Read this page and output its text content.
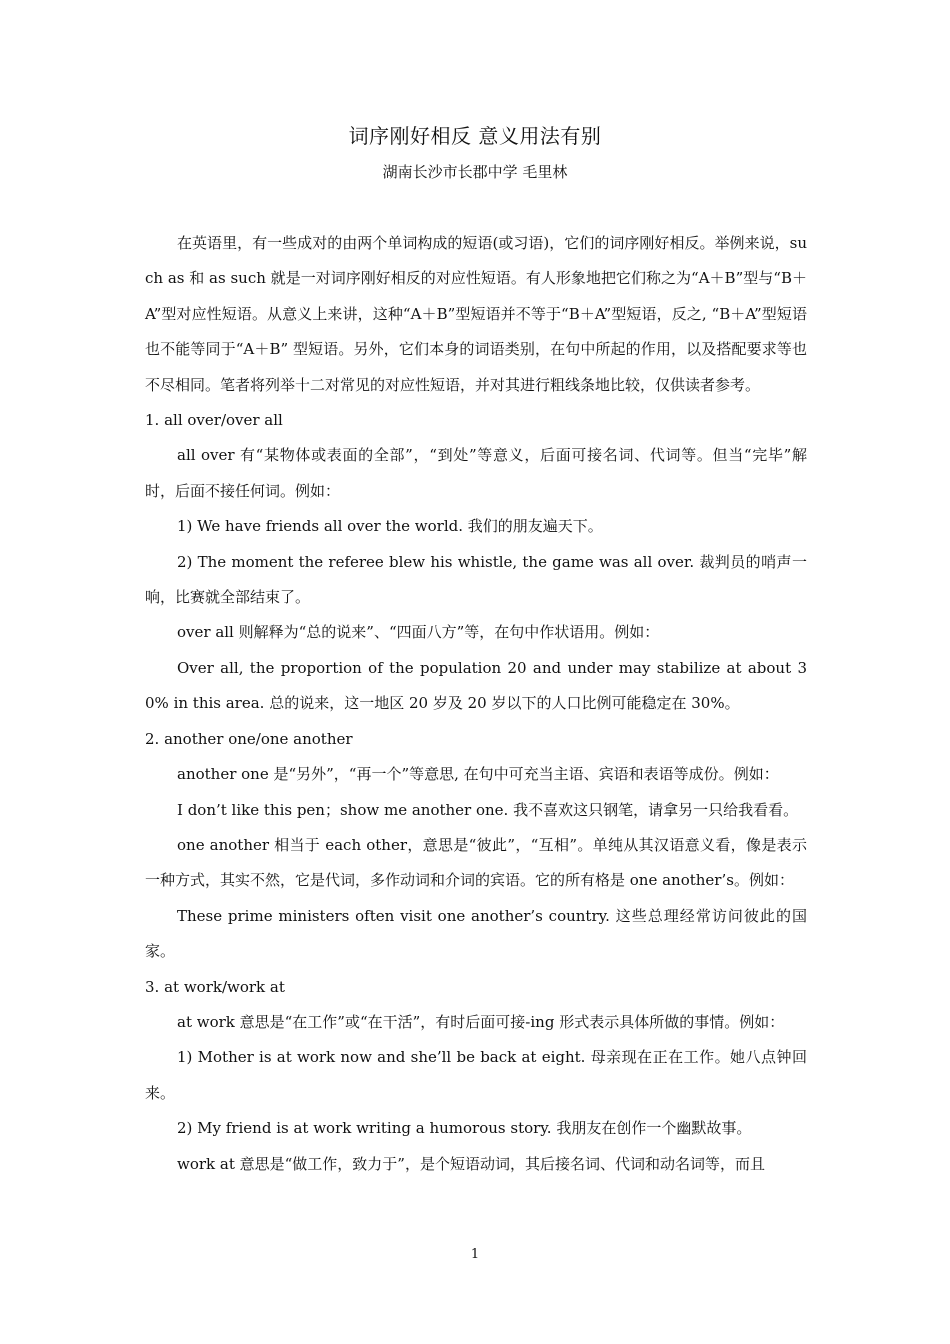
词序刚好相反 意义用法有别
湖南长沙市长郡中学 毛里林

在英语里，有一些成对的由两个单词构成的短语(或习语)，它们的词序刚好相反。举例来说，such as 和 as such 就是一对词序刚好相反的对应性短语。有人形象地把它们称之为“A＋B”型与“B＋A”型对应性短语。从意义上来讲，这种“A＋B”型短语并不等于“B＋A”型短语，反之, “B＋A”型短语也不能等同于“A＋B” 型短语。另外，它们本身的词语类别，在句中所起的作用，以及搭配要求等也不尽相同。笔者将列举十二对常见的对应性短语，并对其进行粗线条地比较，仅供读者参考。

1. all over/over all

all over 有“某物体或表面的全部”，“到处”等意义，后面可接名词、代词等。但当“完毕”解时，后面不接任何词。例如：

1) We have friends all over the world. 我们的朋友遍天下。

2) The moment the referee blew his whistle, the game was all over. 裁判员的哨声一响，比赛就全部结束了。

over all 则解释为“总的说来”、“四面八方”等，在句中作状语用。例如：

Over all, the proportion of the population 20 and under may stabilize at about 30% in this area. 总的说来，这一地区 20 岁及 20 岁以下的人口比例可能稳定在 30%。

2. another one/one another

another one 是“另外”，“再一个”等意思, 在句中可充当主语、宾语和表语等成份。例如：

I don’t like this pen；show me another one. 我不喜欢这只钢笔，请拿另一只给我看看。

one another 相当于 each other，意思是“彼此”，“互相”。单纯从其汉语意义看，像是表示一种方式，其实不然，它是代词，多作动词和介词的宾语。它的所有格是 one another’s。例如：

These prime ministers often visit one another’s country. 这些总理经常访问彼此的国家。

3. at work/work at

at work 意思是“在工作”或“在干活”，有时后面可接-ing 形式表示具体所做的事情。例如：

1) Mother is at work now and she’ll be back at eight. 母亲现在正在工作。她八点钟回来。

2) My friend is at work writing a humorous story. 我朋友在创作一个幽默故事。

work at 意思是“做工作，致力于”，是个短语动词，其后接名词、代词和动名词等，而且

1
